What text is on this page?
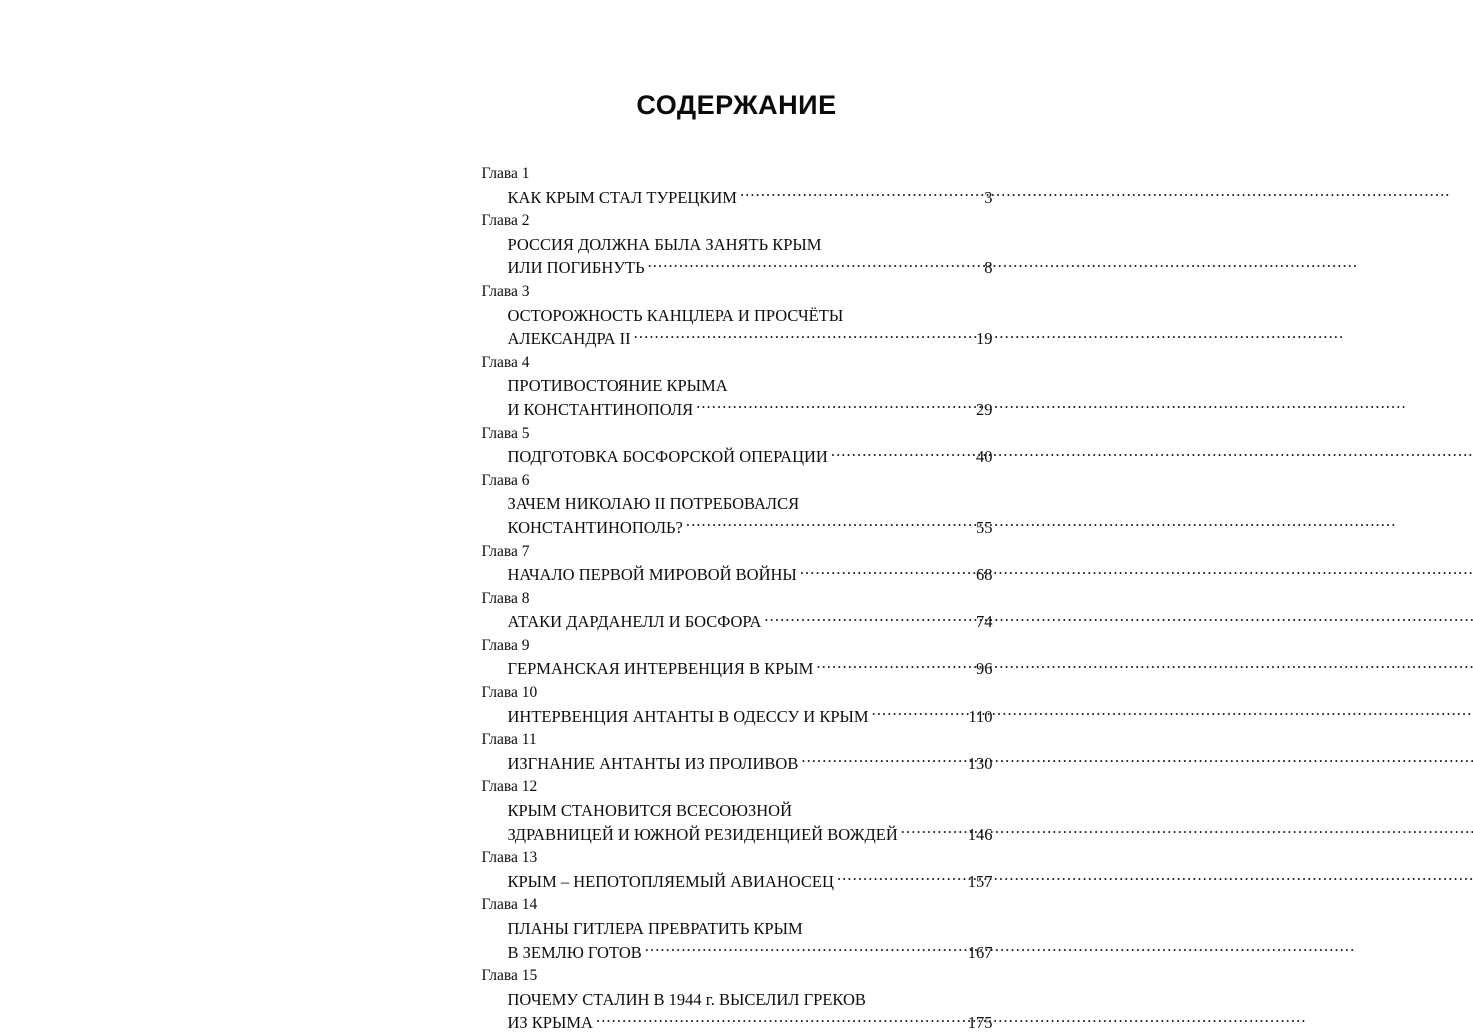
СОДЕРЖАНИЕ
Глава 1
КАК КРЫМ СТАЛ ТУРЕЦКИМ .....	3
Глава 2
РОССИЯ ДОЛЖНА БЫЛА ЗАНЯТЬ КРЫМ
ИЛИ ПОГИБНУТЬ .....	8
Глава 3
ОСТОРОЖНОСТЬ КАНЦЛЕРА И ПРОСЧЁТЫ
АЛЕКСАНДРА II .....	19
Глава 4
ПРОТИВОСТОЯНИЕ КРЫМА
И КОНСТАНТИНОПОЛЯ .....	29
Глава 5
ПОДГОТОВКА БОСФОРСКОЙ ОПЕРАЦИИ .....	40
Глава 6
ЗАЧЕМ НИКОЛАЮ II ПОТРЕБОВАЛСЯ
КОНСТАНТИНОПОЛЬ? .....	55
Глава 7
НАЧАЛО ПЕРВОЙ МИРОВОЙ ВОЙНЫ .....	68
Глава 8
АТАКИ ДАРДАНЕЛЛ И БОСФОРА .....	74
Глава 9
ГЕРМАНСКАЯ ИНТЕРВЕНЦИЯ В КРЫМ .....	96
Глава 10
ИНТЕРВЕНЦИЯ АНТАНТЫ В ОДЕССУ И КРЫМ .....	110
Глава 11
ИЗГНАНИЕ АНТАНТЫ ИЗ ПРОЛИВОВ .....	130
Глава 12
КРЫМ СТАНОВИТСЯ ВСЕСОЮЗНОЙ
ЗДРАВНИЦЕЙ И ЮЖНОЙ РЕЗИДЕНЦИЕЙ ВОЖДЕЙ .....	146
Глава 13
КРЫМ – НЕПОТОПЛЯЕМЫЙ АВИАНОСЕЦ .....	157
Глава 14
ПЛАНЫ ГИТЛЕРА ПРЕВРАТИТЬ КРЫМ
В ЗЕМЛЮ ГОТОВ .....	167
Глава 15
ПОЧЕМУ СТАЛИН В 1944 г. ВЫСЕЛИЛ ГРЕКОВ
ИЗ КРЫМА .....	175
